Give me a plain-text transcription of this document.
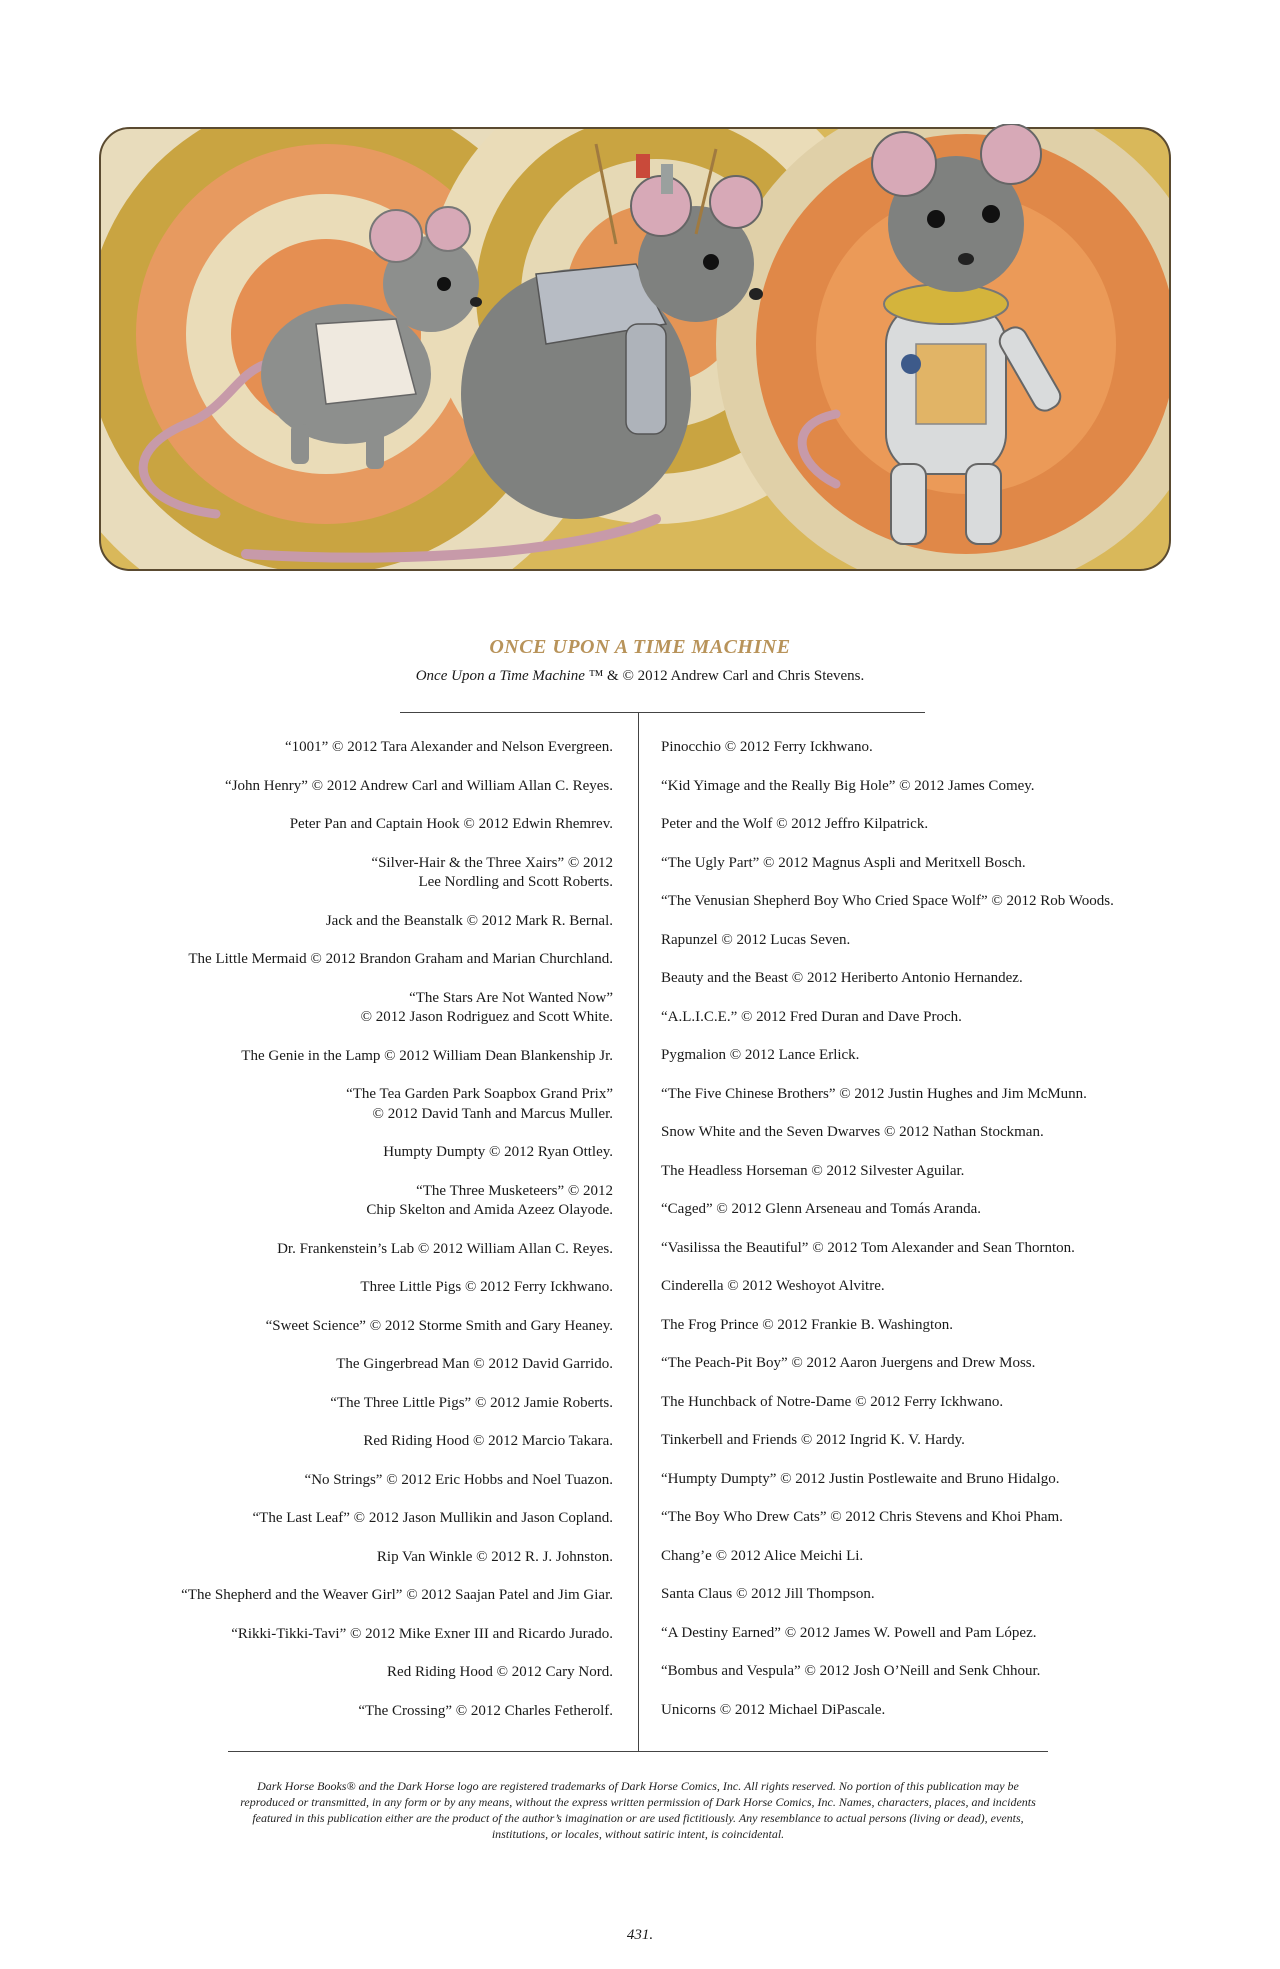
ONCE UPON A TIME MACHINE
Once Upon a Time Machine ™ & © 2012 Andrew Carl and Chris Stevens.
“1001” © 2012 Tara Alexander and Nelson Evergreen.
“John Henry” © 2012 Andrew Carl and William Allan C. Reyes.
Peter Pan and Captain Hook © 2012 Edwin Rhemrev.
“Silver-Hair & the Three Xairs” © 2012
Lee Nordling and Scott Roberts.
Jack and the Beanstalk © 2012 Mark R. Bernal.
The Little Mermaid © 2012 Brandon Graham and Marian Churchland.
“The Stars Are Not Wanted Now”
© 2012 Jason Rodriguez and Scott White.
The Genie in the Lamp © 2012 William Dean Blankenship Jr.
“The Tea Garden Park Soapbox Grand Prix”
© 2012 David Tanh and Marcus Muller.
Humpty Dumpty © 2012 Ryan Ottley.
“The Three Musketeers” © 2012
Chip Skelton and Amida Azeez Olayode.
Dr. Frankenstein’s Lab © 2012 William Allan C. Reyes.
Three Little Pigs © 2012 Ferry Ickhwano.
“Sweet Science” © 2012 Storme Smith and Gary Heaney.
The Gingerbread Man © 2012 David Garrido.
“The Three Little Pigs” © 2012 Jamie Roberts.
Red Riding Hood © 2012 Marcio Takara.
“No Strings” © 2012 Eric Hobbs and Noel Tuazon.
“The Last Leaf” © 2012 Jason Mullikin and Jason Copland.
Rip Van Winkle © 2012 R. J. Johnston.
“The Shepherd and the Weaver Girl” © 2012 Saajan Patel and Jim Giar.
“Rikki-Tikki-Tavi” © 2012 Mike Exner III and Ricardo Jurado.
Red Riding Hood © 2012 Cary Nord.
“The Crossing” © 2012 Charles Fetherolf.
Pinocchio © 2012 Ferry Ickhwano.
“Kid Yimage and the Really Big Hole” © 2012 James Comey.
Peter and the Wolf © 2012 Jeffro Kilpatrick.
“The Ugly Part” © 2012 Magnus Aspli and Meritxell Bosch.
“The Venusian Shepherd Boy Who Cried Space Wolf” © 2012 Rob Woods.
Rapunzel © 2012 Lucas Seven.
Beauty and the Beast © 2012 Heriberto Antonio Hernandez.
“A.L.I.C.E.” © 2012 Fred Duran and Dave Proch.
Pygmalion © 2012 Lance Erlick.
“The Five Chinese Brothers” © 2012 Justin Hughes and Jim McMunn.
Snow White and the Seven Dwarves © 2012 Nathan Stockman.
The Headless Horseman © 2012 Silvester Aguilar.
“Caged” © 2012 Glenn Arseneau and Tomás Aranda.
“Vasilissa the Beautiful” © 2012 Tom Alexander and Sean Thornton.
Cinderella © 2012 Weshoyot Alvitre.
The Frog Prince © 2012 Frankie B. Washington.
“The Peach-Pit Boy” © 2012 Aaron Juergens and Drew Moss.
The Hunchback of Notre-Dame © 2012 Ferry Ickhwano.
Tinkerbell and Friends © 2012 Ingrid K. V. Hardy.
“Humpty Dumpty” © 2012 Justin Postlewaite and Bruno Hidalgo.
“The Boy Who Drew Cats” © 2012 Chris Stevens and Khoi Pham.
Chang’e © 2012 Alice Meichi Li.
Santa Claus © 2012 Jill Thompson.
“A Destiny Earned” © 2012 James W. Powell and Pam López.
“Bombus and Vespula” © 2012 Josh O’Neill and Senk Chhour.
Unicorns © 2012 Michael DiPascale.
Dark Horse Books® and the Dark Horse logo are registered trademarks of Dark Horse Comics, Inc. All rights reserved. No portion of this publication may be reproduced or transmitted, in any form or by any means, without the express written permission of Dark Horse Comics, Inc. Names, characters, places, and incidents featured in this publication either are the product of the author’s imagination or are used fictitiously. Any resemblance to actual persons (living or dead), events, institutions, or locales, without satiric intent, is coincidental.
431.
